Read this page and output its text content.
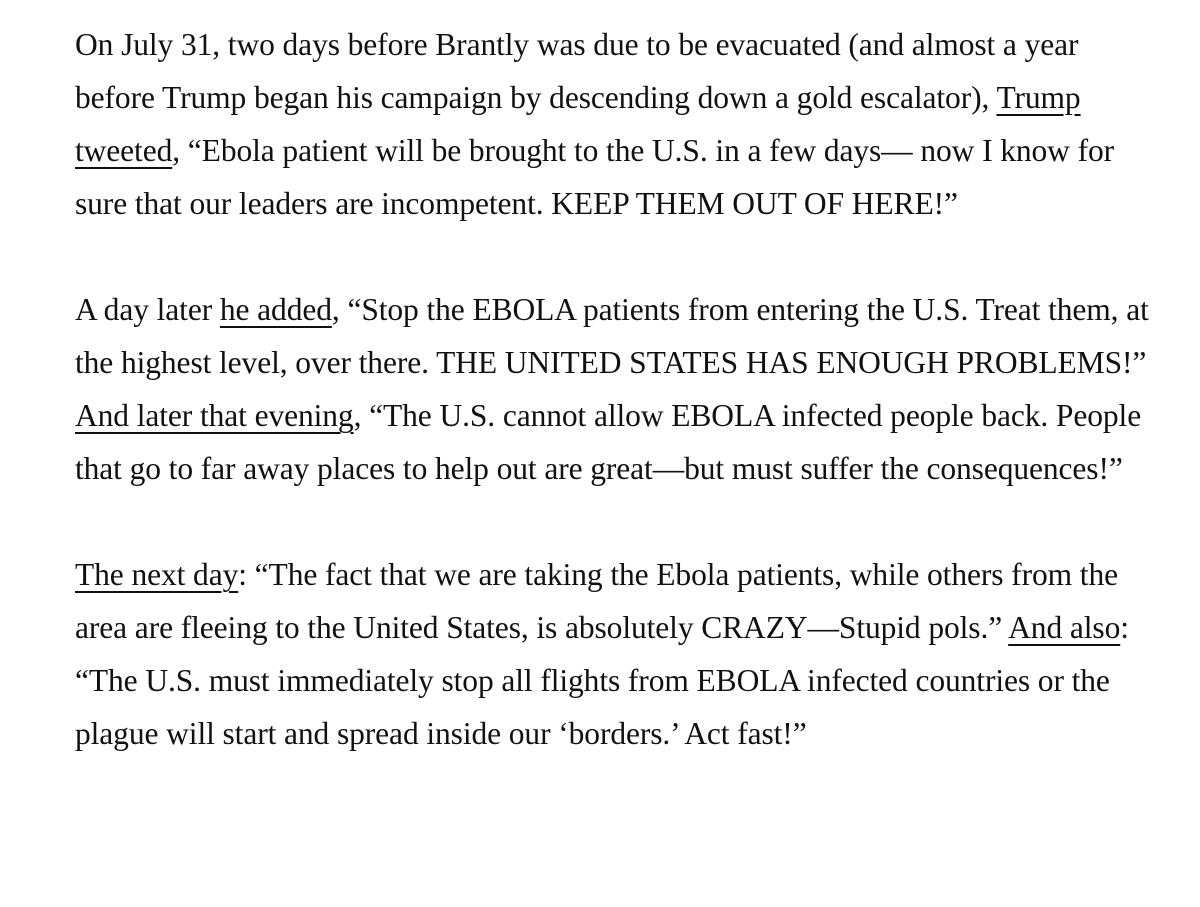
On July 31, two days before Brantly was due to be evacuated (and almost a year before Trump began his campaign by descending down a gold escalator), Trump tweeted, “Ebola patient will be brought to the U.S. in a few days— now I know for sure that our leaders are incompetent. KEEP THEM OUT OF HERE!”

A day later he added, “Stop the EBOLA patients from entering the U.S. Treat them, at the highest level, over there. THE UNITED STATES HAS ENOUGH PROBLEMS!” And later that evening, “The U.S. cannot allow EBOLA infected people back. People that go to far away places to help out are great—but must suffer the consequences!”

The next day: “The fact that we are taking the Ebola patients, while others from the area are fleeing to the United States, is absolutely CRAZY—Stupid pols.” And also: “The U.S. must immediately stop all flights from EBOLA infected countries or the plague will start and spread inside our ‘borders.’ Act fast!”
